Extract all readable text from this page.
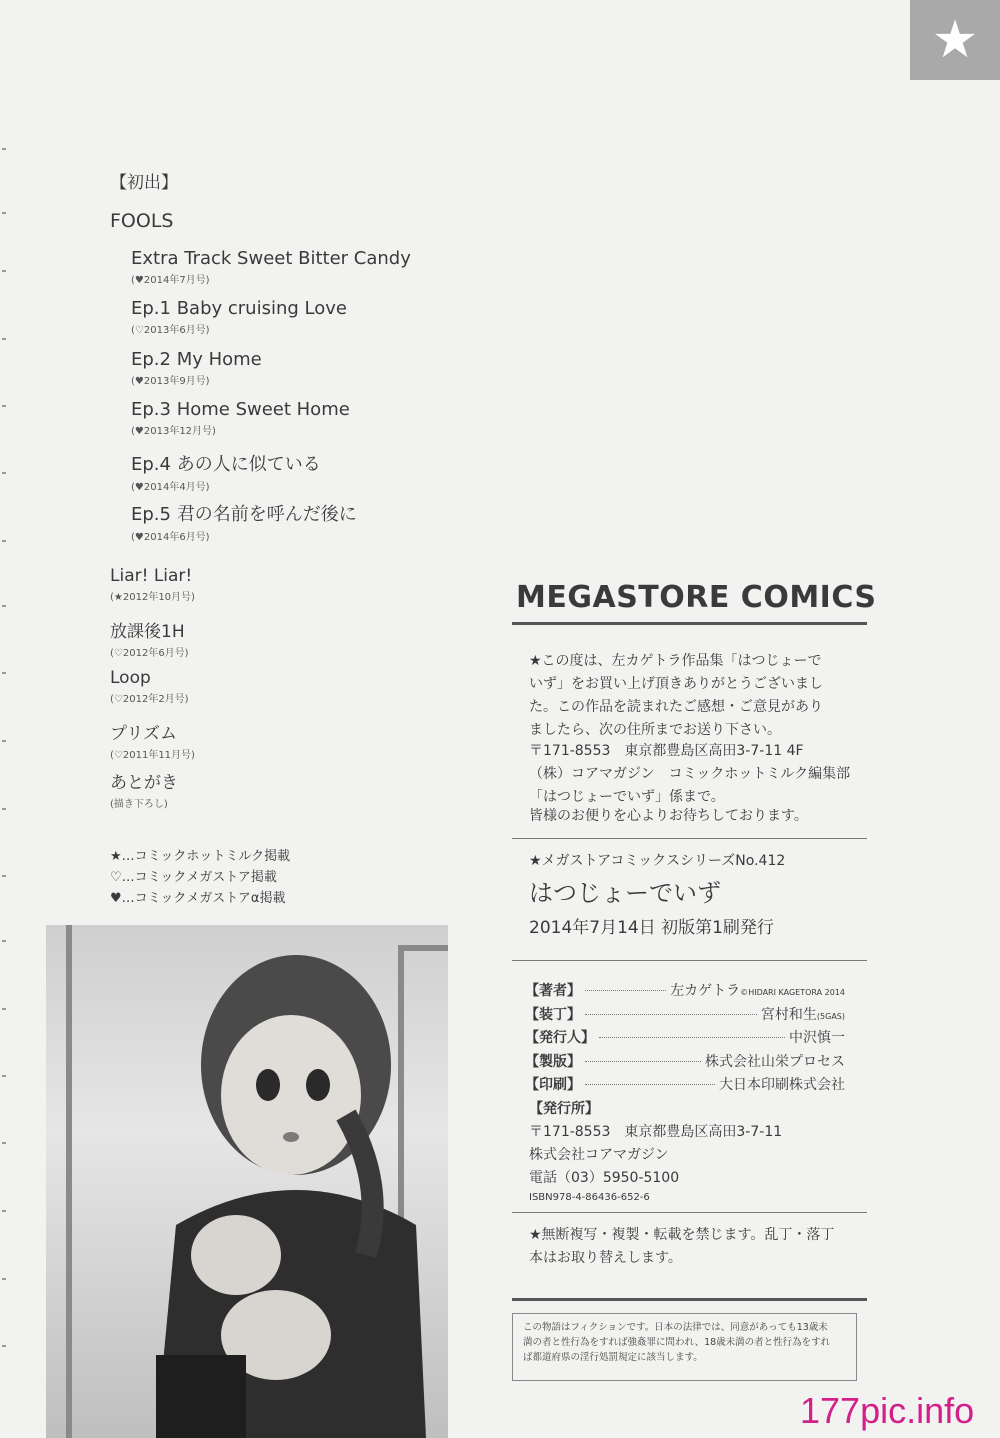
★
【初出】
FOOLS
Extra Track Sweet Bitter Candy
(♥2014年7月号)
Ep.1 Baby cruising Love
(♡2013年6月号)
Ep.2 My Home
(♥2013年9月号)
Ep.3 Home Sweet Home
(♥2013年12月号)
Ep.4 あの人に似ている
(♥2014年4月号)
Ep.5 君の名前を呼んだ後に
(♥2014年6月号)
Liar! Liar!
(★2012年10月号)
放課後1H
(♡2012年6月号)
Loop
(♡2012年2月号)
プリズム
(♡2011年11月号)
あとがき
(描き下ろし)
★…コミックホットミルク掲載
♡…コミックメガストア掲載
♥…コミックメガストアα掲載
MEGASTORE COMICS
★この度は、左カゲトラ作品集「はつじょーで
いず」をお買い上げ頂きありがとうございまし
た。この作品を読まれたご感想・ご意見があり
ましたら、次の住所までお送り下さい。
〒171-8553　東京都豊島区高田3-7-11 4F
（株）コアマガジン　コミックホットミルク編集部
「はつじょーでいず」係まで。
皆様のお便りを心よりお待ちしております。
★メガストアコミックスシリーズNo.412
はつじょーでいず
2014年7月14日 初版第1刷発行
【著者】	左カゲトラ ©HIDARI KAGETORA 2014
【装丁】	宮村和生 (5GAS)
【発行人】	中沢慎一
【製版】	株式会社山栄プロセス
【印刷】	大日本印刷株式会社
【発行所】
〒171-8553　東京都豊島区高田3-7-11
株式会社コアマガジン
電話（03）5950-5100
ISBN978-4-86436-652-6
★無断複写・複製・転載を禁じます。乱丁・落丁
本はお取り替えします。
この物語はフィクションです。日本の法律では、同意があっても13歳未
満の者と性行為をすれば強姦罪に問われ、18歳未満の者と性行為をすれ
ば都道府県の淫行処罰規定に該当します。
177pic.info
